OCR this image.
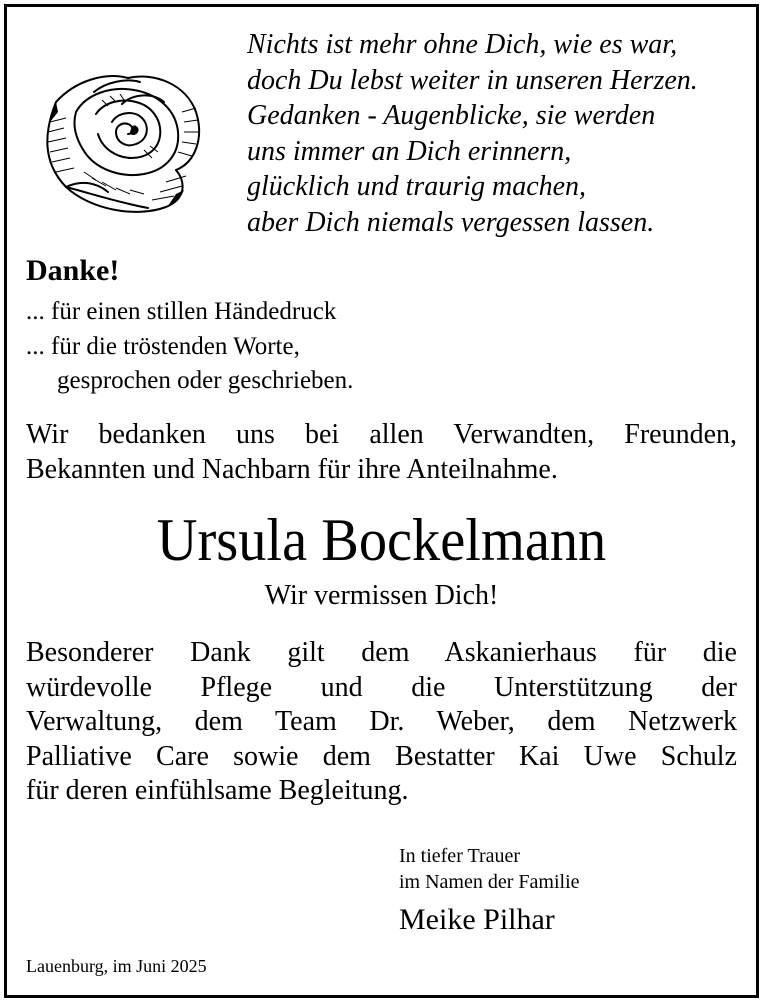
Nichts ist mehr ohne Dich, wie es war,
doch Du lebst weiter in unseren Herzen.
Gedanken - Augenblicke, sie werden
uns immer an Dich erinnern,
glücklich und traurig machen,
aber Dich niemals vergessen lassen.
Danke!
... für einen stillen Händedruck
... für die tröstenden Worte,
gesprochen oder geschrieben.
Wir bedanken uns bei allen Verwandten, Freunden,
Bekannten und Nachbarn für ihre Anteilnahme.
Ursula Bockelmann
Wir vermissen Dich!
Besonderer Dank gilt dem Askanierhaus für die
würdevolle Pflege und die Unterstützung der
Verwaltung, dem Team Dr. Weber, dem Netzwerk
Palliative Care sowie dem Bestatter Kai Uwe Schulz
für deren einfühlsame Begleitung.
In tiefer Trauer
im Namen der Familie
Meike Pilhar
Lauenburg, im Juni 2025
